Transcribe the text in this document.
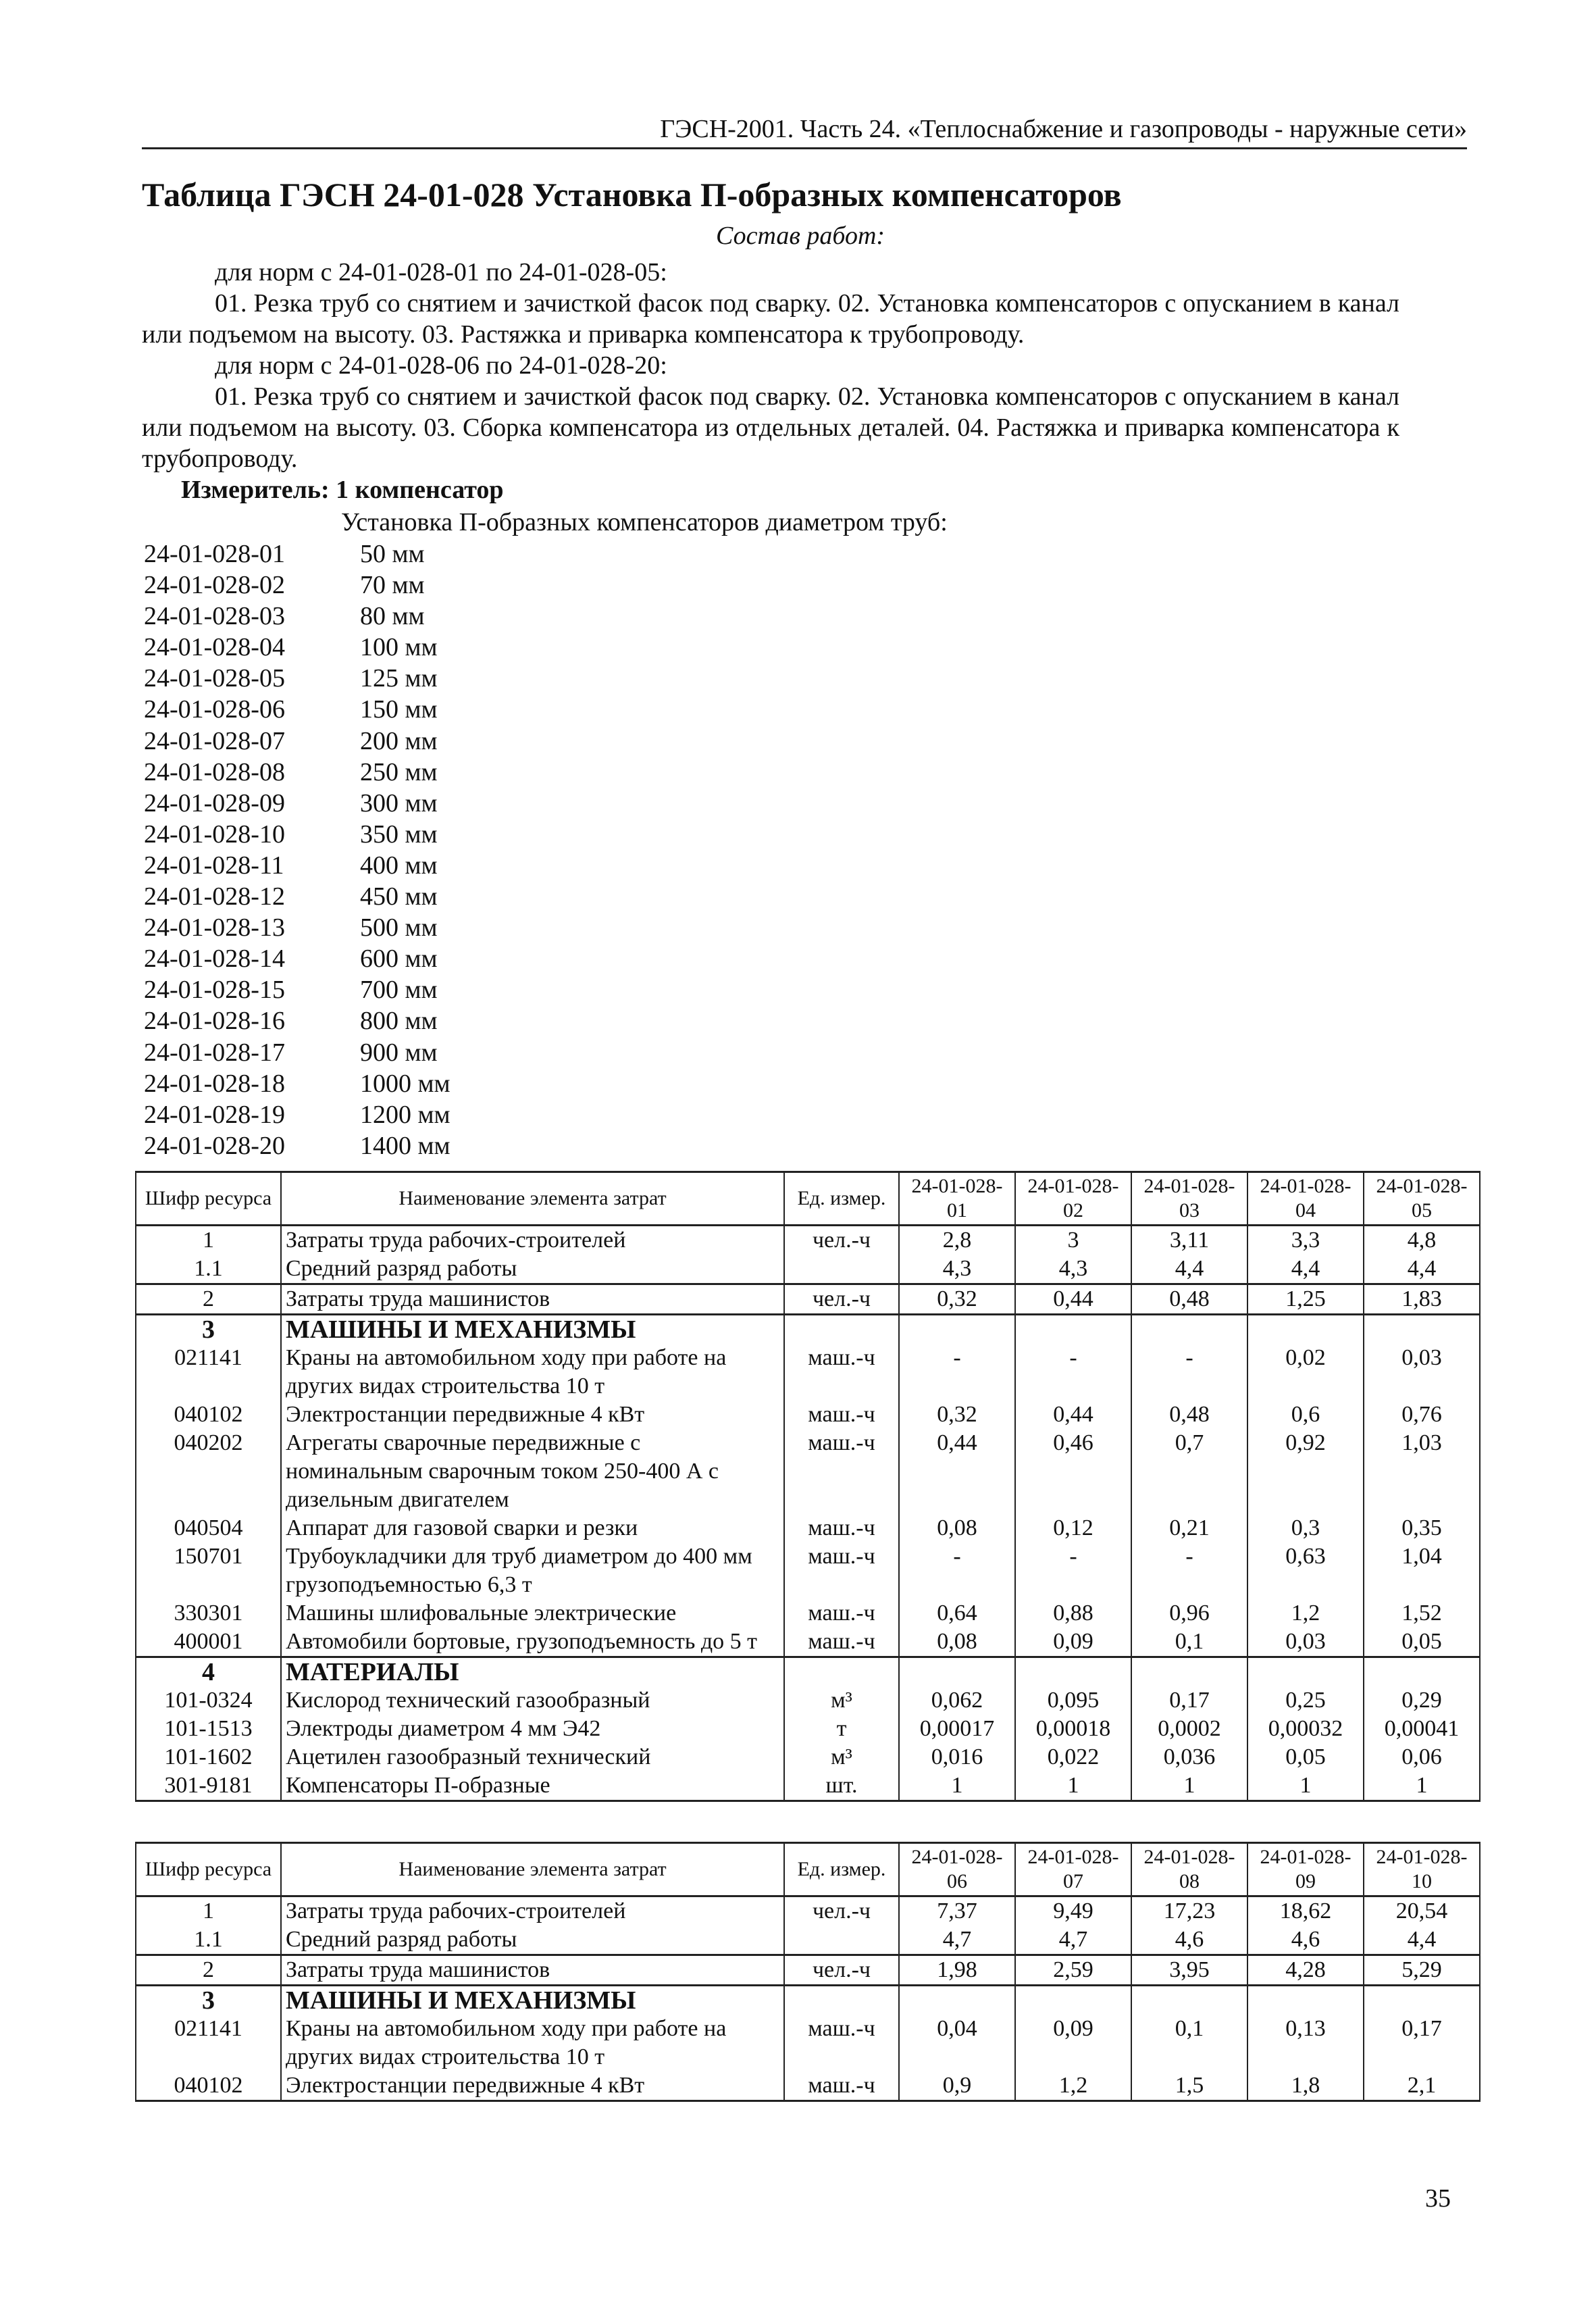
ГЭСН-2001. Часть 24. «Теплоснабжение и газопроводы - наружные сети»
Таблица ГЭСН 24-01-028 Установка П-образных компенсаторов
Состав работ:
для норм с 24-01-028-01 по 24-01-028-05:
01. Резка труб со снятием и зачисткой фасок под сварку. 02. Установка компенсаторов с опусканием в канал или подъемом на высоту. 03. Растяжка и приварка компенсатора к трубопроводу.
для норм с 24-01-028-06 по 24-01-028-20:
01. Резка труб со снятием и зачисткой фасок под сварку. 02. Установка компенсаторов с опусканием в канал или подъемом на высоту. 03. Сборка компенсатора из отдельных деталей. 04. Растяжка и приварка компенсатора к трубопроводу.
Измеритель: 1 компенсатор
Установка П-образных компенсаторов диаметром труб:
24-01-028-01	50 мм
24-01-028-02	70 мм
24-01-028-03	80 мм
24-01-028-04	100 мм
24-01-028-05	125 мм
24-01-028-06	150 мм
24-01-028-07	200 мм
24-01-028-08	250 мм
24-01-028-09	300 мм
24-01-028-10	350 мм
24-01-028-11	400 мм
24-01-028-12	450 мм
24-01-028-13	500 мм
24-01-028-14	600 мм
24-01-028-15	700 мм
24-01-028-16	800 мм
24-01-028-17	900 мм
24-01-028-18	1000 мм
24-01-028-19	1200 мм
24-01-028-20	1400 мм
Шифр ресурса	Наименование элемента затрат	Ед. измер.	24-01-028-01	24-01-028-02	24-01-028-03	24-01-028-04	24-01-028-05
1	Затраты труда рабочих-строителей	чел.-ч	2,8	3	3,11	3,3	4,8
1.1	Средний разряд работы		4,3	4,3	4,4	4,4	4,4
2	Затраты труда машинистов	чел.-ч	0,32	0,44	0,48	1,25	1,83
3	МАШИНЫ И МЕХАНИЗМЫ						
021141	Краны на автомобильном ходу при работе на других видах строительства 10 т	маш.-ч	-	-	-	0,02	0,03
040102	Электростанции передвижные 4 кВт	маш.-ч	0,32	0,44	0,48	0,6	0,76
040202	Агрегаты сварочные передвижные с номинальным сварочным током 250-400 А с дизельным двигателем	маш.-ч	0,44	0,46	0,7	0,92	1,03
040504	Аппарат для газовой сварки и резки	маш.-ч	0,08	0,12	0,21	0,3	0,35
150701	Трубоукладчики для труб диаметром до 400 мм грузоподъемностью 6,3 т	маш.-ч	-	-	-	0,63	1,04
330301	Машины шлифовальные электрические	маш.-ч	0,64	0,88	0,96	1,2	1,52
400001	Автомобили бортовые, грузоподъемность до 5 т	маш.-ч	0,08	0,09	0,1	0,03	0,05
4	МАТЕРИАЛЫ						
101-0324	Кислород технический газообразный	м³	0,062	0,095	0,17	0,25	0,29
101-1513	Электроды диаметром 4 мм Э42	т	0,00017	0,00018	0,0002	0,00032	0,00041
101-1602	Ацетилен газообразный технический	м³	0,016	0,022	0,036	0,05	0,06
301-9181	Компенсаторы П-образные	шт.	1	1	1	1	1
Шифр ресурса	Наименование элемента затрат	Ед. измер.	24-01-028-06	24-01-028-07	24-01-028-08	24-01-028-09	24-01-028-10
1	Затраты труда рабочих-строителей	чел.-ч	7,37	9,49	17,23	18,62	20,54
1.1	Средний разряд работы		4,7	4,7	4,6	4,6	4,4
2	Затраты труда машинистов	чел.-ч	1,98	2,59	3,95	4,28	5,29
3	МАШИНЫ И МЕХАНИЗМЫ						
021141	Краны на автомобильном ходу при работе на других видах строительства 10 т	маш.-ч	0,04	0,09	0,1	0,13	0,17
040102	Электростанции передвижные 4 кВт	маш.-ч	0,9	1,2	1,5	1,8	2,1
35
